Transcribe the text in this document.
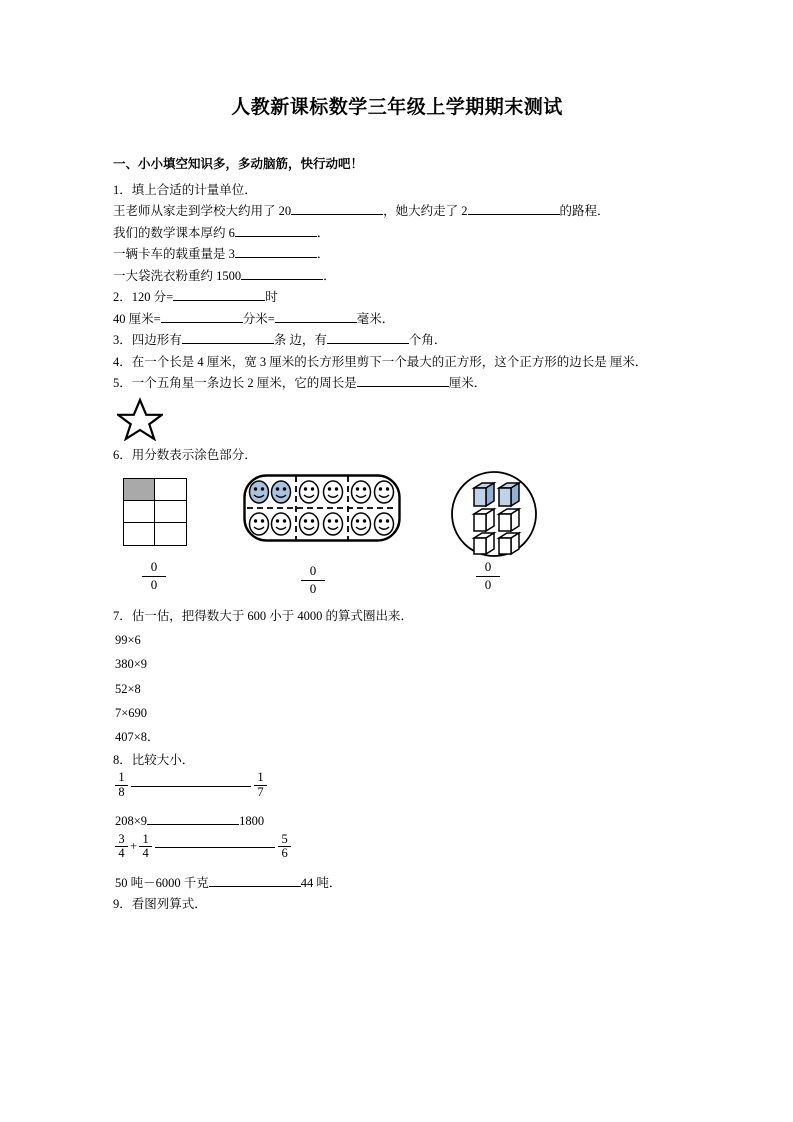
人教新课标数学三年级上学期期末测试

一、小小填空知识多，多动脑筋，快行动吧！

1．填上合适的计量单位．

王老师从家走到学校大约用了 20	，她大约走了 2	的路程．

我们的数学课本厚约 6	．

一辆卡车的载重量是 3	．

一大袋洗衣粉重约 1500	．

2．120 分=	时

40 厘米=	分米=	毫米．

3．四边形有	条 边，有	个角．

4．在一个长是 4 厘米，宽 3 厘米的长方形里剪下一个最大的正方形，这个正方形的边长是 厘米．

5．一个五角星一条边长 2 厘米，它的周长是	厘米．

6．用分数表示涂色部分．

0
0
0
0
0
0

7．估一估，把得数大于 600 小于 4000 的算式圈出来．

99×6

380×9

52×8

7×690

407×8．

8．比较大小．

$\frac{1}{8}$	$\frac{1}{7}$

208×9	1800

$\frac{3}{4} + \frac{1}{4}$	$\frac{5}{6}$

50 吨－6000 千克	44 吨．

9．看图列算式．
